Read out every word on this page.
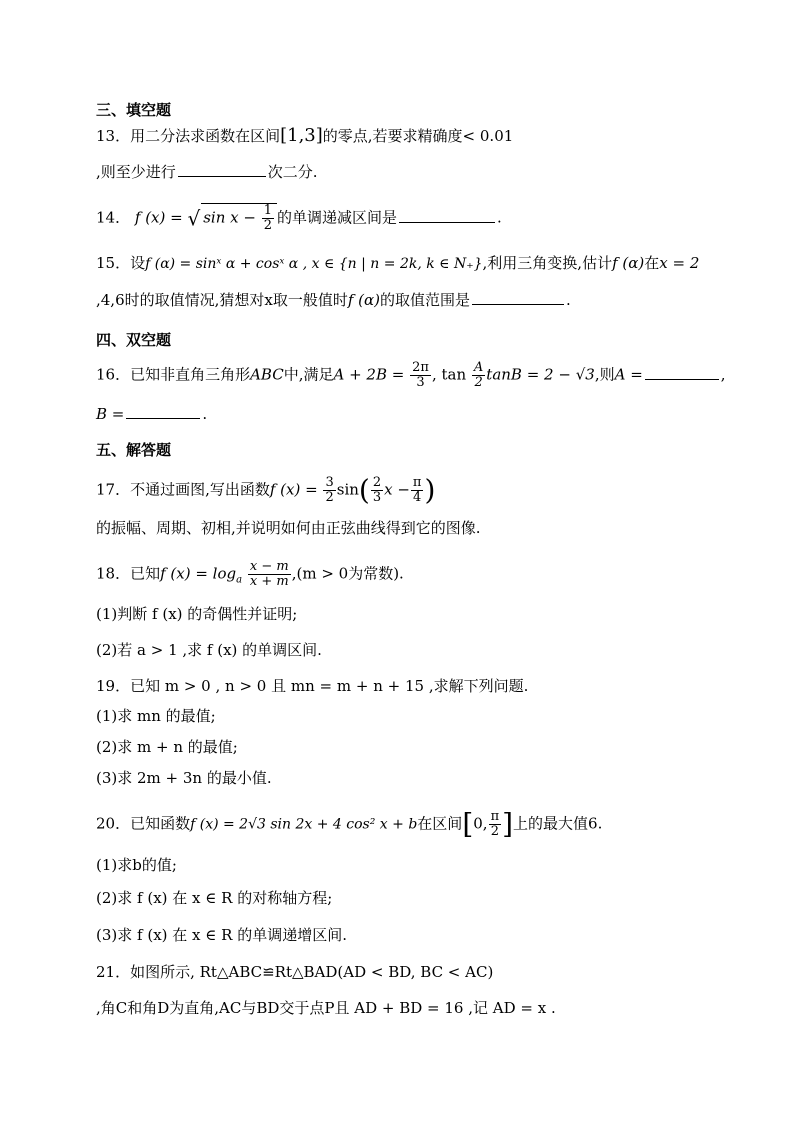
三、填空题
13．用二分法求函数在区间[1,3]的零点,若要求精确度< 0.01
,则至少进行	次二分.
14． f (x) = √ $\sin x - \frac{1}{2}$ 的单调递减区间是	.
15．设f (α) = sinˣ α + cosˣ α , x ∈ {n | n = 2k, k ∈ N₊},利用三角变换,估计f (α)在x = 2
,4,6时的取值情况,猜想对x取一般值时f (α)的取值范围是	.
四、双空题
16．已知非直角三角形ABC中,满足$A + 2B = \frac{2\pi}{3}$ , $\tan \frac{A}{2}$ tanB = 2 − √3,则A =	,
B =	.
五、解答题
17．不通过画图,写出函数f $(x) = \frac{3}{2} \sin( \frac{2}{3}$ $x - \frac{\pi}{4}$ )
的振幅、周期、初相,并说明如何由正弦曲线得到它的图像.
18．已知f $(x) = \log_a \frac{x - m}{x + m} ,(m > 0$为常数).
(1)判断 f (x) 的奇偶性并证明;
(2)若 a > 1 ,求 f (x) 的单调区间.
19．已知 m > 0 , n > 0 且 mn = m + n + 15 ,求解下列问题.
(1)求 mn 的最值;
(2)求 m + n 的最值;
(3)求 2m + 3n 的最小值.
20．已知函数f (x) = 2√3 sin 2x + 4 cos² x + b在区间[0, $\frac{\pi}{2}$ ]上的最大值6.
(1)求b的值;
(2)求 f (x) 在 x ∈ R 的对称轴方程;
(3)求 f (x) 在 x ∈ R 的单调递增区间.
21．如图所示, Rt△ABC≌Rt△BAD(AD < BD, BC < AC)
,角C和角D为直角,AC与BD交于点P且 AD + BD = 16 ,记 AD = x .
